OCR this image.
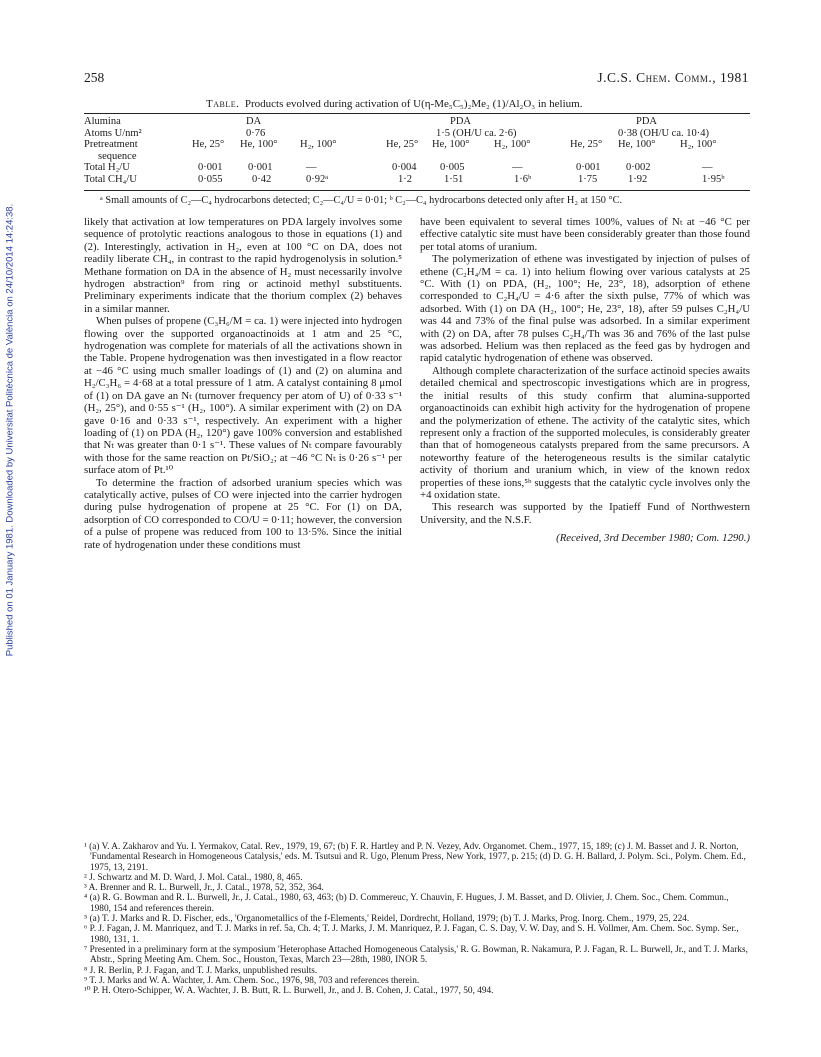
Published on 01 January 1981. Downloaded by Universitat Politècnica de València on 24/10/2014 14:24:38.
258	J.C.S. Chem. Comm., 1981
Table. Products evolved during activation of U(η-Me₅C₅)₂Me₂ (1)/Al₂O₃ in helium.
Alumina		DA			PDA			PDA	
Atoms U/nm²		0·76			1·5 (OH/U ca. 2·6)			0·38 (OH/U ca. 10·4)	
Pretreatment	He, 25°	He, 100°	H₂, 100°	He, 25°	He, 100°	H₂, 100°	He, 25°	He, 100°	H₂, 100°
sequence									
Total H₂/U	0·001	0·001	—	0·004	0·005	—	0·001	0·002	—
Total CH₄/U	0·055	0·42	0·92ᵃ	1·2	1·51	1·6ᵇ	1·75	1·92	1·95ᵇ
ᵃ Small amounts of C₂—C₄ hydrocarbons detected; C₂—C₄/U = 0·01; ᵇ C₂—C₄ hydrocarbons detected only after H₂ at 150 °C.

likely that activation at low temperatures on PDA largely involves some sequence of protolytic reactions analogous to those in equations (1) and (2). Interestingly, activation in H₂, even at 100 °C on DA, does not readily liberate CH₄, in contrast to the rapid hydrogenolysis in solution.⁵ Methane formation on DA in the absence of H₂ must necessarily involve hydrogen abstraction⁹ from ring or actinoid methyl substituents. Preliminary experiments indicate that the thorium complex (2) behaves in a similar manner.

When pulses of propene (C₃H₆/M = ca. 1) were injected into hydrogen flowing over the supported organoactinoids at 1 atm and 25 °C, hydrogenation was complete for materials of all the activations shown in the Table. Propene hydrogenation was then investigated in a flow reactor at −46 °C using much smaller loadings of (1) and (2) on alumina and H₂/C₃H₆ = 4·68 at a total pressure of 1 atm. A catalyst containing 8 μmol of (1) on DA gave an Nₜ (turnover frequency per atom of U) of 0·33 s⁻¹ (H₂, 25°), and 0·55 s⁻¹ (H₂, 100°). A similar experiment with (2) on DA gave 0·16 and 0·33 s⁻¹, respectively. An experiment with a higher loading of (1) on PDA (H₂, 120°) gave 100% conversion and established that Nₜ was greater than 0·1 s⁻¹. These values of Nₜ compare favourably with those for the same reaction on Pt/SiO₂; at −46 °C Nₜ is 0·26 s⁻¹ per surface atom of Pt.¹⁰

To determine the fraction of adsorbed uranium species which was catalytically active, pulses of CO were injected into the carrier hydrogen during pulse hydrogenation of propene at 25 °C. For (1) on DA, adsorption of CO corresponded to CO/U = 0·11; however, the conversion of a pulse of propene was reduced from 100 to 13·5%. Since the initial rate of hydrogenation under these conditions must

have been equivalent to several times 100%, values of Nₜ at −46 °C per effective catalytic site must have been considerably greater than those found per total atoms of uranium.

The polymerization of ethene was investigated by injection of pulses of ethene (C₂H₄/M = ca. 1) into helium flowing over various catalysts at 25 °C. With (1) on PDA, (H₂, 100°; He, 23°, 18), adsorption of ethene corresponded to C₂H₄/U = 4·6 after the sixth pulse, 77% of which was adsorbed. With (1) on DA (H₂, 100°; He, 23°, 18), after 59 pulses C₂H₄/U was 44 and 73% of the final pulse was adsorbed. In a similar experiment with (2) on DA, after 78 pulses C₂H₄/Th was 36 and 76% of the last pulse was adsorbed. Helium was then replaced as the feed gas by hydrogen and rapid catalytic hydrogenation of ethene was observed.

Although complete characterization of the surface actinoid species awaits detailed chemical and spectroscopic investigations which are in progress, the initial results of this study confirm that alumina-supported organoactinoids can exhibit high activity for the hydrogenation of propene and the polymerization of ethene. The activity of the catalytic sites, which represent only a fraction of the supported molecules, is considerably greater than that of homogeneous catalysts prepared from the same precursors. A noteworthy feature of the heterogeneous results is the similar catalytic activity of thorium and uranium which, in view of the known redox properties of these ions,⁵ᵇ suggests that the catalytic cycle involves only the +4 oxidation state.

This research was supported by the Ipatieff Fund of Northwestern University, and the N.S.F.

(Received, 3rd December 1980; Com. 1290.)

¹ (a) V. A. Zakharov and Yu. I. Yermakov, Catal. Rev., 1979, 19, 67; (b) F. R. Hartley and P. N. Vezey, Adv. Organomet. Chem., 1977, 15, 189; (c) J. M. Basset and J. R. Norton, 'Fundamental Research in Homogeneous Catalysis,' eds. M. Tsutsui and R. Ugo, Plenum Press, New York, 1977, p. 215; (d) D. G. H. Ballard, J. Polym. Sci., Polym. Chem. Ed., 1975, 13, 2191.

² J. Schwartz and M. D. Ward, J. Mol. Catal., 1980, 8, 465.

³ A. Brenner and R. L. Burwell, Jr., J. Catal., 1978, 52, 352, 364.

⁴ (a) R. G. Bowman and R. L. Burwell, Jr., J. Catal., 1980, 63, 463; (b) D. Commereuc, Y. Chauvin, F. Hugues, J. M. Basset, and D. Olivier, J. Chem. Soc., Chem. Commun., 1980, 154 and references therein.

⁵ (a) T. J. Marks and R. D. Fischer, eds., 'Organometallics of the f-Elements,' Reidel, Dordrecht, Holland, 1979; (b) T. J. Marks, Prog. Inorg. Chem., 1979, 25, 224.

⁶ P. J. Fagan, J. M. Manriquez, and T. J. Marks in ref. 5a, Ch. 4; T. J. Marks, J. M. Manriquez, P. J. Fagan, C. S. Day, V. W. Day, and S. H. Vollmer, Am. Chem. Soc. Symp. Ser., 1980, 131, 1.

⁷ Presented in a preliminary form at the symposium 'Heterophase Attached Homogeneous Catalysis,' R. G. Bowman, R. Nakamura, P. J. Fagan, R. L. Burwell, Jr., and T. J. Marks, Abstr., Spring Meeting Am. Chem. Soc., Houston, Texas, March 23—28th, 1980, INOR 5.

⁸ J. R. Berlin, P. J. Fagan, and T. J. Marks, unpublished results.

⁹ T. J. Marks and W. A. Wachter, J. Am. Chem. Soc., 1976, 98, 703 and references therein.

¹⁰ P. H. Otero-Schipper, W. A. Wachter, J. B. Butt, R. L. Burwell, Jr., and J. B. Cohen, J. Catal., 1977, 50, 494.
